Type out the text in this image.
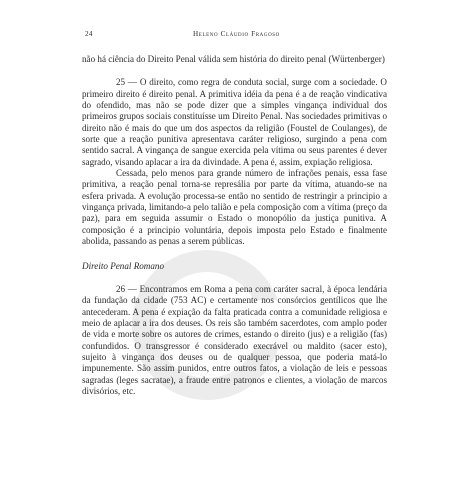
24	Heleno Cláudio Fragoso

não há ciência do Direito Penal válida sem história do direito penal (Würtenberger)

25 — O direito, como regra de conduta social, surge com a sociedade. O primeiro direito é direito penal. A primitiva idéia da pena é a de reação vindicativa do ofendido, mas não se pode dizer que a simples vingança individual dos primeiros grupos sociais constituísse um Direito Penal. Nas sociedades primitivas o direito não é mais do que um dos aspectos da religião (Foustel de Coulanges), de sorte que a reação punitiva apresentava caráter religioso, surgindo a pena com sentido sacral. A vingança de sangue exercida pela vítima ou seus parentes é dever sagrado, visando aplacar a ira da divindade. A pena é, assim, expiação religiosa.

Cessada, pelo menos para grande número de infrações penais, essa fase primitiva, a reação penal torna-se represália por parte da vítima, atuando-se na esfera privada. A evolução processa-se então no sentido de restringir a principio a vingança privada, limitando-a pelo talião e pela composição com a vítima (preço da paz), para em seguida assumir o Estado o monopólio da justiça punitiva. A composição é a principio voluntária, depois imposta pelo Estado e finalmente abolida, passando as penas a serem públicas.

Direito Penal Romano

26 — Encontramos em Roma a pena com caráter sacral, à época lendária da fundação da cidade (753 AC) e certamente nos consórcios gentílicos que lhe antecederam. A pena é expiação da falta praticada contra a comunidade religiosa e meio de aplacar a ira dos deuses. Os reis são também sacerdotes, com amplo poder de vida e morte sobre os autores de crimes, estando o direito (jus) e a religião (fas) confundidos. O transgressor é considerado execrável ou maldito (sacer esto), sujeito à vingança dos deuses ou de qualquer pessoa, que poderia matá-lo impunemente. São assim punidos, entre outros fatos, a violação de leis e pessoas sagradas (leges sacratae), a fraude entre patronos e clientes, a violação de marcos divisórios, etc.
